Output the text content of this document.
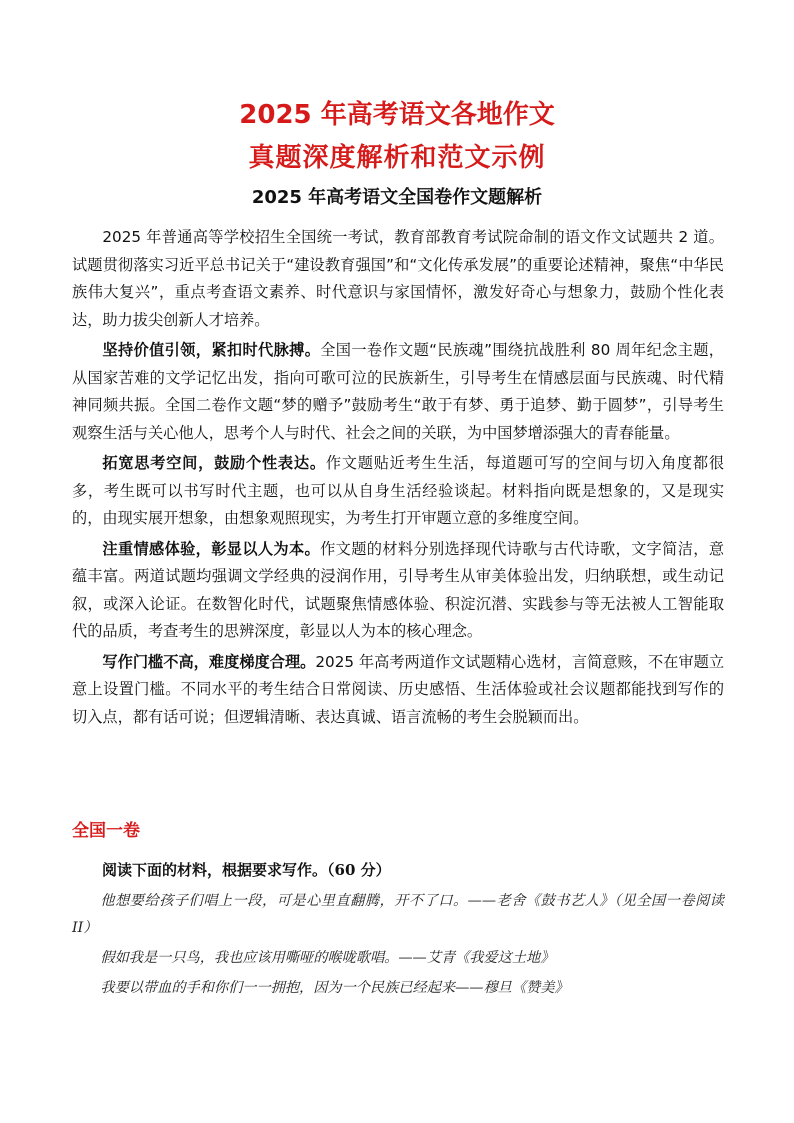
2025 年高考语文各地作文
真题深度解析和范文示例
2025 年高考语文全国卷作文题解析

2025 年普通高等学校招生全国统一考试，教育部教育考试院命制的语文作文试题共 2 道。试题贯彻落实习近平总书记关于“建设教育强国”和“文化传承发展”的重要论述精神，聚焦“中华民族伟大复兴”，重点考查语文素养、时代意识与家国情怀，激发好奇心与想象力，鼓励个性化表达，助力拔尖创新人才培养。

坚持价值引领，紧扣时代脉搏。全国一卷作文题“民族魂”围绕抗战胜利 80 周年纪念主题，从国家苦难的文学记忆出发，指向可歌可泣的民族新生，引导考生在情感层面与民族魂、时代精神同频共振。全国二卷作文题“梦的赠予”鼓励考生“敢于有梦、勇于追梦、勤于圆梦”，引导考生观察生活与关心他人，思考个人与时代、社会之间的关联，为中国梦增添强大的青春能量。

拓宽思考空间，鼓励个性表达。作文题贴近考生生活，每道题可写的空间与切入角度都很多，考生既可以书写时代主题，也可以从自身生活经验谈起。材料指向既是想象的，又是现实的，由现实展开想象，由想象观照现实，为考生打开审题立意的多维度空间。

注重情感体验，彰显以人为本。作文题的材料分别选择现代诗歌与古代诗歌，文字简洁，意蕴丰富。两道试题均强调文学经典的浸润作用，引导考生从审美体验出发，归纳联想，或生动记叙，或深入论证。在数智化时代，试题聚焦情感体验、积淀沉潜、实践参与等无法被人工智能取代的品质，考查考生的思辨深度，彰显以人为本的核心理念。

写作门槛不高，难度梯度合理。2025 年高考两道作文试题精心选材，言简意赅，不在审题立意上设置门槛。不同水平的考生结合日常阅读、历史感悟、生活体验或社会议题都能找到写作的切入点，都有话可说；但逻辑清晰、表达真诚、语言流畅的考生会脱颖而出。

全国一卷
阅读下面的材料，根据要求写作。（60 分）

他想要给孩子们唱上一段，可是心里直翻腾，开不了口。——老舍《鼓书艺人》（见全国一卷阅读 II）

假如我是一只鸟，我也应该用嘶哑的喉咙歌唱。——艾青《我爱这土地》

我要以带血的手和你们一一拥抱，因为一个民族已经起来——穆旦《赞美》
